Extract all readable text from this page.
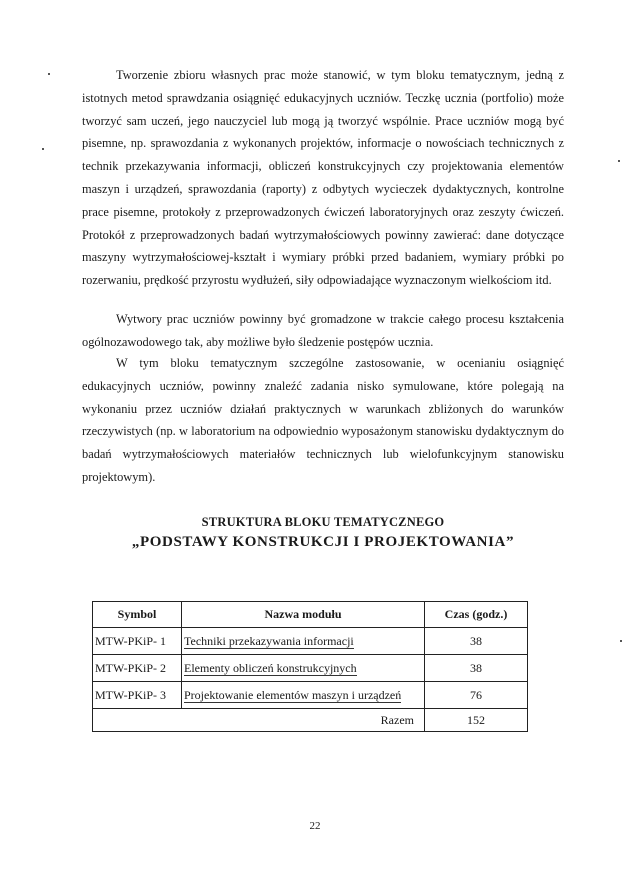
Tworzenie zbioru własnych prac może stanowić, w tym bloku tematycznym, jedną z istotnych metod sprawdzania osiągnięć edukacyjnych uczniów. Teczkę ucznia (portfolio) może tworzyć sam uczeń, jego nauczyciel lub mogą ją tworzyć wspólnie. Prace uczniów mogą być pisemne, np. sprawozdania z wykonanych projektów, informacje o nowościach technicznych z technik przekazywania informacji, obliczeń konstrukcyjnych czy projektowania elementów maszyn i urządzeń, sprawozdania (raporty) z odbytych wycieczek dydaktycznych, kontrolne prace pisemne, protokoły z przeprowadzonych ćwiczeń laboratoryjnych oraz zeszyty ćwiczeń. Protokół z przeprowadzonych badań wytrzymałościowych powinny zawierać: dane dotyczące maszyny wytrzymałościowej-kształt i wymiary próbki przed badaniem, wymiary próbki po rozerwaniu, prędkość przyrostu wydłużeń, siły odpowiadające wyznaczonym wielkościom itd.

Wytwory prac uczniów powinny być gromadzone w trakcie całego procesu kształcenia ogólnozawodowego tak, aby możliwe było śledzenie postępów ucznia.

W tym bloku tematycznym szczególne zastosowanie, w ocenianiu osiągnięć edukacyjnych uczniów, powinny znaleźć zadania nisko symulowane, które polegają na wykonaniu przez uczniów działań praktycznych w warunkach zbliżonych do warunków rzeczywistych (np. w laboratorium na odpowiednio wyposażonym stanowisku dydaktycznym do badań wytrzymałościowych materiałów technicznych lub wielofunkcyjnym stanowisku projektowym).

STRUKTURA BLOKU TEMATYCZNEGO

„PODSTAWY KONSTRUKCJI I PROJEKTOWANIA”

Symbol	Nazwa modułu	Czas (godz.)
MTW-PKiP- 1	Techniki przekazywania informacji	38
MTW-PKiP- 2	Elementy obliczeń konstrukcyjnych	38
MTW-PKiP- 3	Projektowanie elementów maszyn i urządzeń	76
Razem		152
22
